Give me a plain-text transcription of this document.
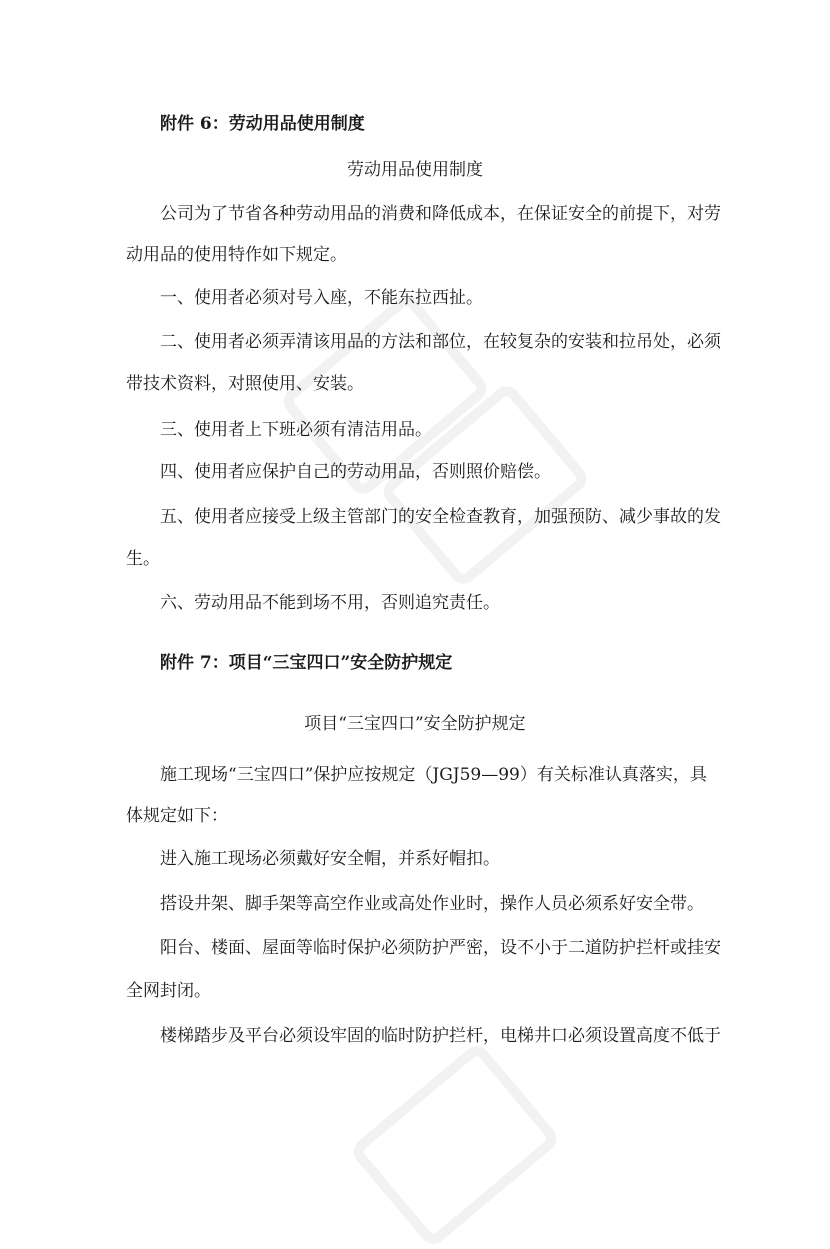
附件 6：劳动用品使用制度
劳动用品使用制度
公司为了节省各种劳动用品的消费和降低成本，在保证安全的前提下，对劳
动用品的使用特作如下规定。
一、使用者必须对号入座，不能东拉西扯。
二、使用者必须弄清该用品的方法和部位，在较复杂的安装和拉吊处，必须
带技术资料，对照使用、安装。
三、使用者上下班必须有清洁用品。
四、使用者应保护自己的劳动用品，否则照价赔偿。
五、使用者应接受上级主管部门的安全检查教育，加强预防、减少事故的发
生。
六、劳动用品不能到场不用，否则追究责任。
附件 7：项目“三宝四口”安全防护规定
项目“三宝四口”安全防护规定
施工现场“三宝四口”保护应按规定（JGJ59—99）有关标准认真落实，具
体规定如下：
进入施工现场必须戴好安全帽，并系好帽扣。
搭设井架、脚手架等高空作业或高处作业时，操作人员必须系好安全带。
阳台、楼面、屋面等临时保护必须防护严密，设不小于二道防护拦杆或挂安
全网封闭。
楼梯踏步及平台必须设牢固的临时防护拦杆，电梯井口必须设置高度不低于
